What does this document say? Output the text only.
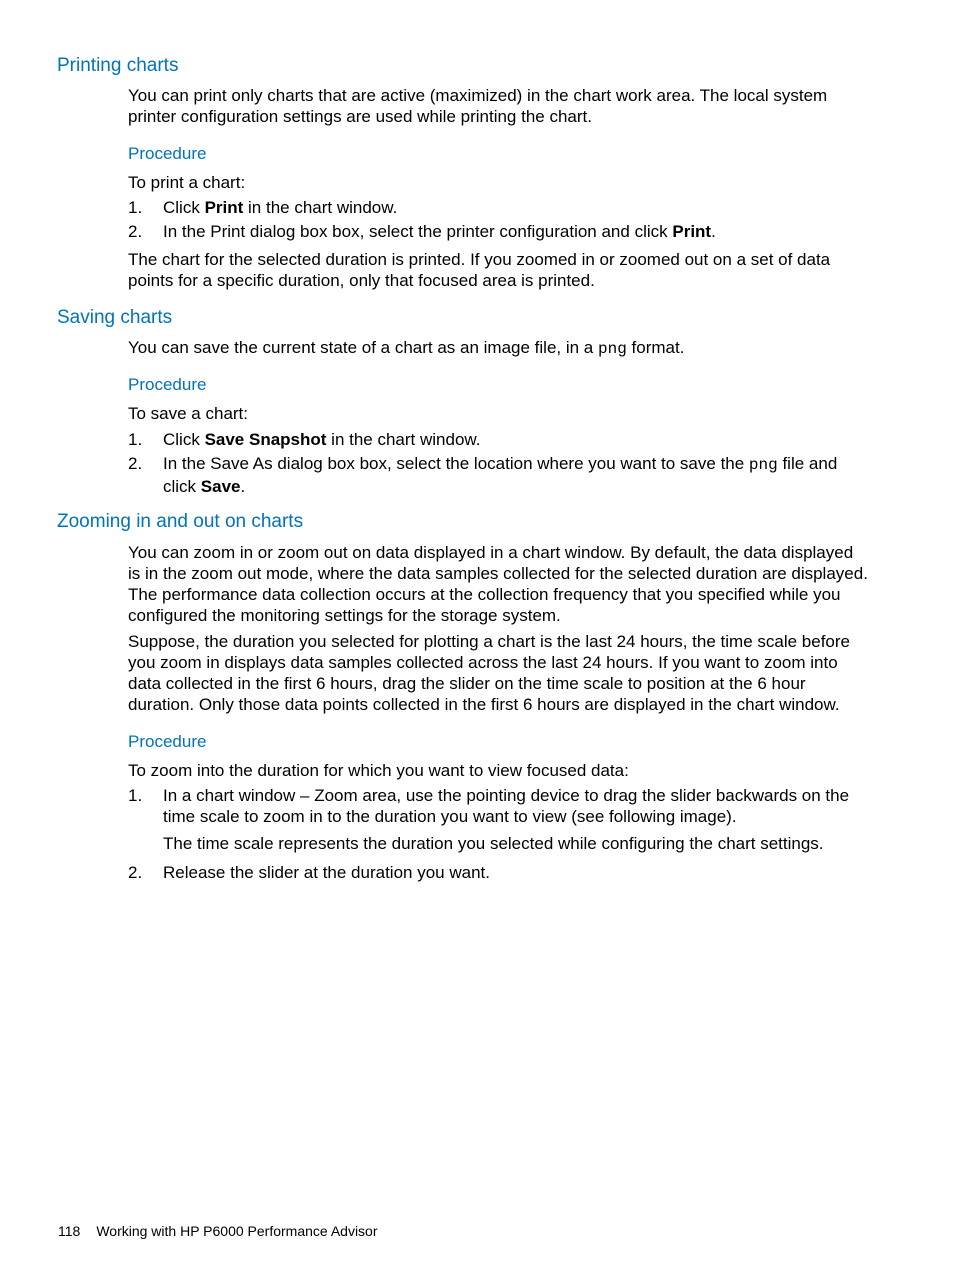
Printing charts
You can print only charts that are active (maximized) in the chart work area. The local system printer configuration settings are used while printing the chart.
Procedure
To print a chart:
1. Click Print in the chart window.
2. In the Print dialog box box, select the printer configuration and click Print.
The chart for the selected duration is printed. If you zoomed in or zoomed out on a set of data points for a specific duration, only that focused area is printed.
Saving charts
You can save the current state of a chart as an image file, in a png format.
Procedure
To save a chart:
1. Click Save Snapshot in the chart window.
2. In the Save As dialog box box, select the location where you want to save the png file and click Save.
Zooming in and out on charts
You can zoom in or zoom out on data displayed in a chart window. By default, the data displayed is in the zoom out mode, where the data samples collected for the selected duration are displayed. The performance data collection occurs at the collection frequency that you specified while you configured the monitoring settings for the storage system.
Suppose, the duration you selected for plotting a chart is the last 24 hours, the time scale before you zoom in displays data samples collected across the last 24 hours. If you want to zoom into data collected in the first 6 hours, drag the slider on the time scale to position at the 6 hour duration. Only those data points collected in the first 6 hours are displayed in the chart window.
Procedure
To zoom into the duration for which you want to view focused data:
1. In a chart window – Zoom area, use the pointing device to drag the slider backwards on the time scale to zoom in to the duration you want to view (see following image).
The time scale represents the duration you selected while configuring the chart settings.
2. Release the slider at the duration you want.
118 Working with HP P6000 Performance Advisor
